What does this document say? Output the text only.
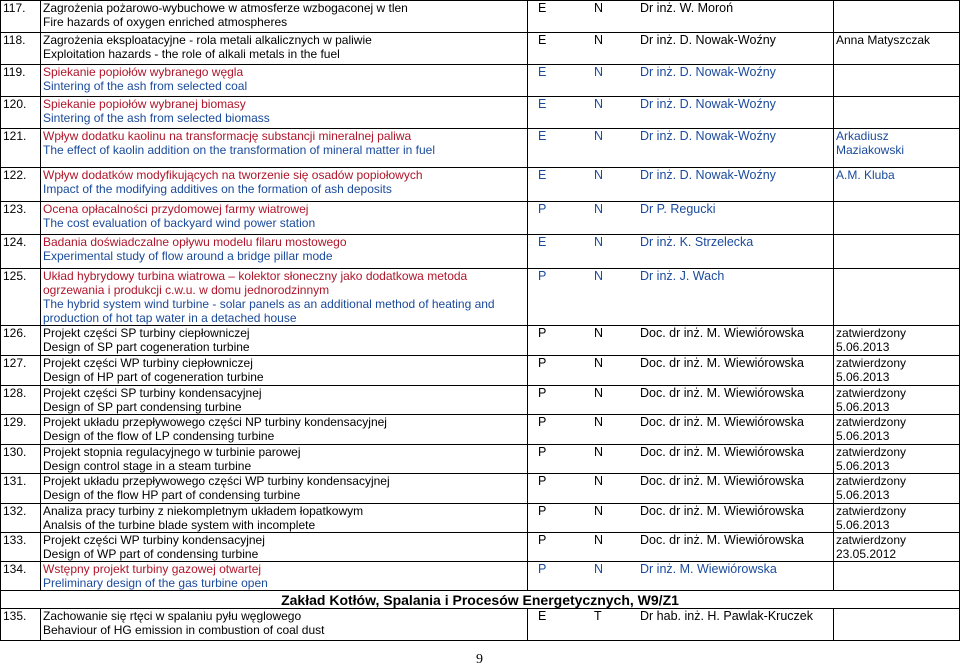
117.	Zagrożenia pożarowo-wybuchowe w atmosferze wzbogaconej w tlen
Fire hazards of oxygen enriched atmospheres	E N Dr inż. W. Moroń	
118.	Zagrożenia eksploatacyjne - rola metali alkalicznych w paliwie
Exploitation hazards - the role of alkali metals in the fuel	E N Dr inż. D. Nowak-Woźny	Anna Matyszczak
119.	Spiekanie popiołów wybranego węgla
Sintering of the ash from selected coal	E N Dr inż. D. Nowak-Woźny	
120.	Spiekanie popiołów wybranej biomasy
Sintering of the ash from selected biomass	E N Dr inż. D. Nowak-Woźny	
121.	Wpływ dodatku kaolinu na transformację substancji mineralnej paliwa
The effect of kaolin addition on the transformation of mineral matter in fuel	E N Dr inż. D. Nowak-Woźny	Arkadiusz Maziakowski
122.	Wpływ dodatków modyfikujących na tworzenie się osadów popiołowych
Impact of the modifying additives on the formation of ash deposits	E N Dr inż. D. Nowak-Woźny	A.M. Kluba
123.	Ocena opłacalności przydomowej farmy wiatrowej
The cost evaluation of backyard wind power station	P N Dr P. Regucki	
124.	Badania doświadczalne opływu modelu filaru mostowego
Experimental study of flow around a bridge pillar mode	E N Dr inż. K. Strzelecka	
125.	Układ hybrydowy turbina wiatrowa – kolektor słoneczny jako dodatkowa metoda ogrzewania i produkcji c.w.u. w domu jednorodzinnym
The hybrid system wind turbine - solar panels as an additional method of heating and production of hot tap water in a detached house	P N Dr inż. J. Wach	
126.	Projekt części SP turbiny ciepłowniczej
Design of SP part cogeneration turbine	P N Doc. dr inż. M. Wiewiórowska	zatwierdzony 5.06.2013
127.	Projekt części WP turbiny ciepłowniczej
Design of HP part of cogeneration turbine	P N Doc. dr inż. M. Wiewiórowska	zatwierdzony 5.06.2013
128.	Projekt części SP turbiny kondensacyjnej
Design of SP part condensing turbine	P N Doc. dr inż. M. Wiewiórowska	zatwierdzony 5.06.2013
129.	Projekt układu przepływowego części NP turbiny kondensacyjnej
Design of the flow of LP condensing turbine	P N Doc. dr inż. M. Wiewiórowska	zatwierdzony 5.06.2013
130.	Projekt stopnia regulacyjnego w turbinie parowej
Design control stage in a steam turbine	P N Doc. dr inż. M. Wiewiórowska	zatwierdzony 5.06.2013
131.	Projekt układu przepływowego części WP turbiny kondensacyjnej
Design of the flow HP part of condensing turbine	P N Doc. dr inż. M. Wiewiórowska	zatwierdzony 5.06.2013
132.	Analiza pracy turbiny z niekompletnym układem łopatkowym
Analsis of the turbine blade system with incomplete	P N Doc. dr inż. M. Wiewiórowska	zatwierdzony 5.06.2013
133.	Projekt części WP turbiny kondensacyjnej
Design of WP part of condensing turbine	P N Doc. dr inż. M. Wiewiórowska	zatwierdzony 23.05.2012
134.	Wstępny projekt turbiny gazowej otwartej
Preliminary design of the gas turbine open	P N Dr inż. M. Wiewiórowska	
Zakład Kotłów, Spalania i Procesów Energetycznych, W9/Z1			
135.	Zachowanie się rtęci w spalaniu pyłu węglowego
Behaviour of HG emission in combustion of coal dust	E T Dr hab. inż. H. Pawlak-Kruczek	
9
